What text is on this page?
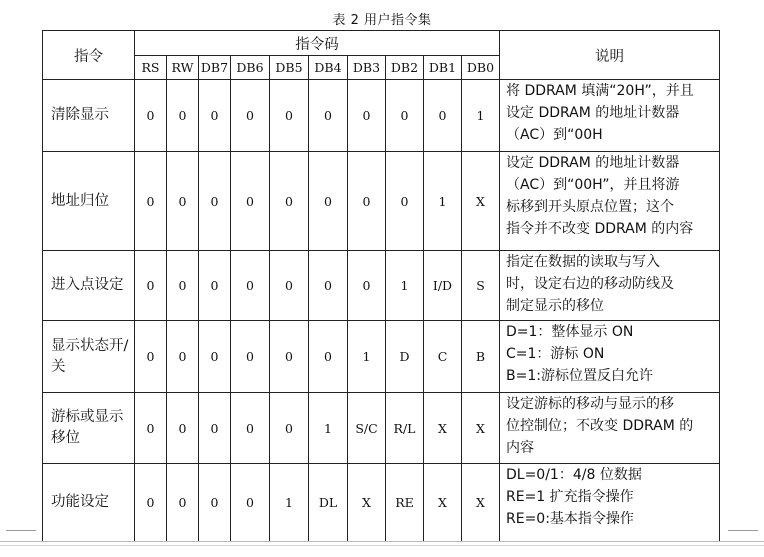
表 2 用户指令集
指令	指令码										说明
	RS	RW	DB7	DB6	DB5	DB4	DB3	DB2	DB1	DB0	
清除显示	0	0	0	0	0	0	0	0	0	1	将 DDRAM 填满“20H”，并且
设定 DDRAM 的地址计数器
（AC）到“00H

地址归位	0	0	0	0	0	0	0	0	1	X	设定 DDRAM 的地址计数器
（AC）到“00H”，并且将游
标移到开头原点位置；这个
指令并不改变 DDRAM 的内容

进入点设定	0	0	0	0	0	0	0	1	I/D	S	指定在数据的读取与写入
时，设定右边的移动防线及
制定显示的移位

显示状态开/关	0	0	0	0	0	0	1	D	C	B	D=1：整体显示 ON
C=1：游标 ON
B=1:游标位置反白允许

游标或显示移位	0	0	0	0	0	1	S/C	R/L	X	X	设定游标的移动与显示的移
位控制位；不改变 DDRAM 的
内容

功能设定	0	0	0	0	1	DL	X	RE	X	X	DL=0/1：4/8 位数据
RE=1 扩充指令操作
RE=0:基本指令操作
